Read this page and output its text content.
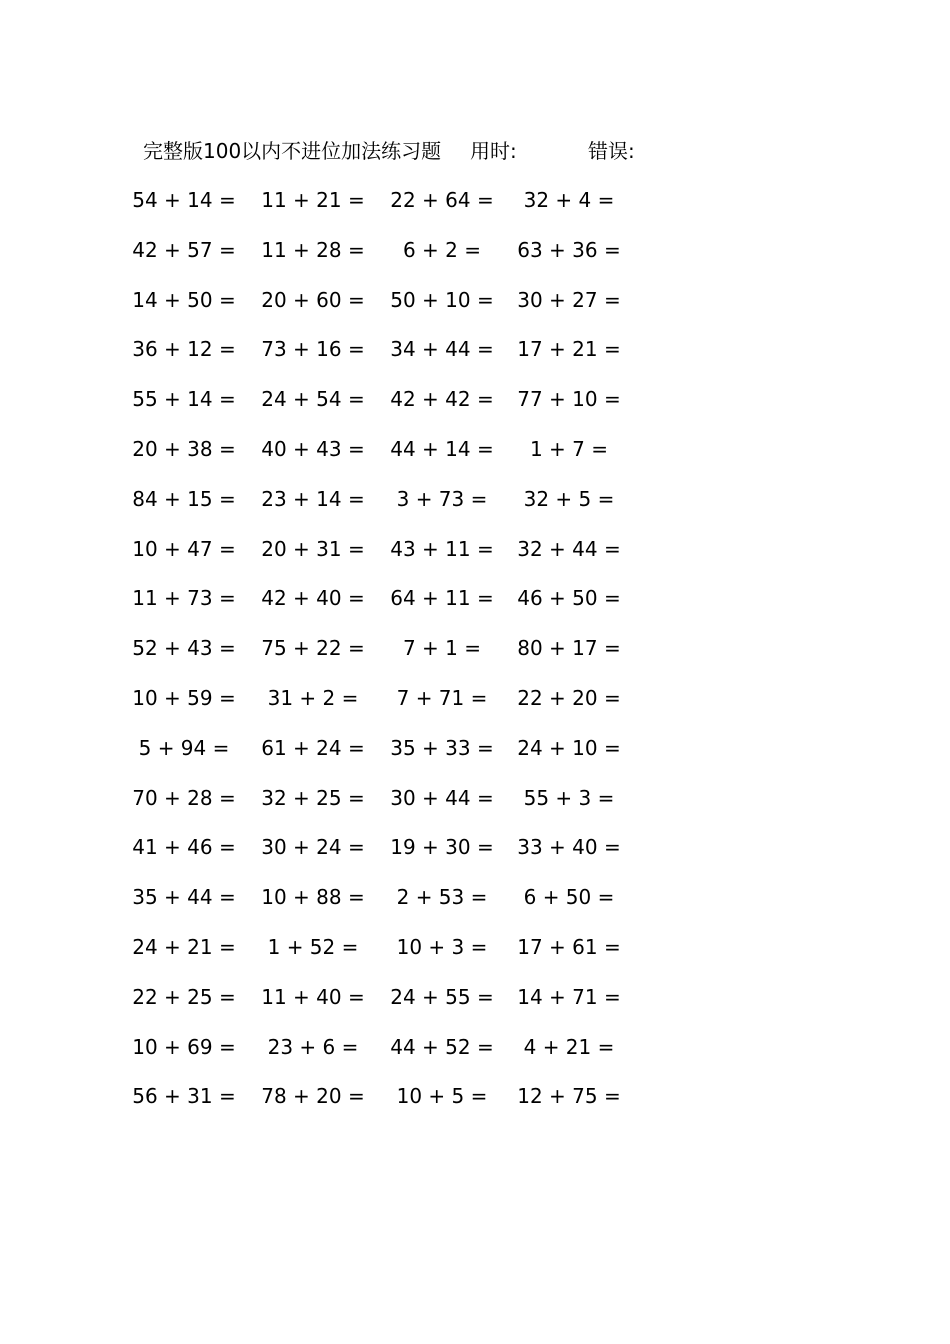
完整版100以内不进位加法练习题 用时:	错误:
54 + 14 =	11 + 21 =	22 + 64 =	32 + 4 =
42 + 57 =	11 + 28 =	6 + 2 =	63 + 36 =
14 + 50 =	20 + 60 =	50 + 10 =	30 + 27 =
36 + 12 =	73 + 16 =	34 + 44 =	17 + 21 =
55 + 14 =	24 + 54 =	42 + 42 =	77 + 10 =
20 + 38 =	40 + 43 =	44 + 14 =	1 + 7 =
84 + 15 =	23 + 14 =	3 + 73 =	32 + 5 =
10 + 47 =	20 + 31 =	43 + 11 =	32 + 44 =
11 + 73 =	42 + 40 =	64 + 11 =	46 + 50 =
52 + 43 =	75 + 22 =	7 + 1 =	80 + 17 =
10 + 59 =	31 + 2 =	7 + 71 =	22 + 20 =
5 + 94 =	61 + 24 =	35 + 33 =	24 + 10 =
70 + 28 =	32 + 25 =	30 + 44 =	55 + 3 =
41 + 46 =	30 + 24 =	19 + 30 =	33 + 40 =
35 + 44 =	10 + 88 =	2 + 53 =	6 + 50 =
24 + 21 =	1 + 52 =	10 + 3 =	17 + 61 =
22 + 25 =	11 + 40 =	24 + 55 =	14 + 71 =
10 + 69 =	23 + 6 =	44 + 52 =	4 + 21 =
56 + 31 =	78 + 20 =	10 + 5 =	12 + 75 =
